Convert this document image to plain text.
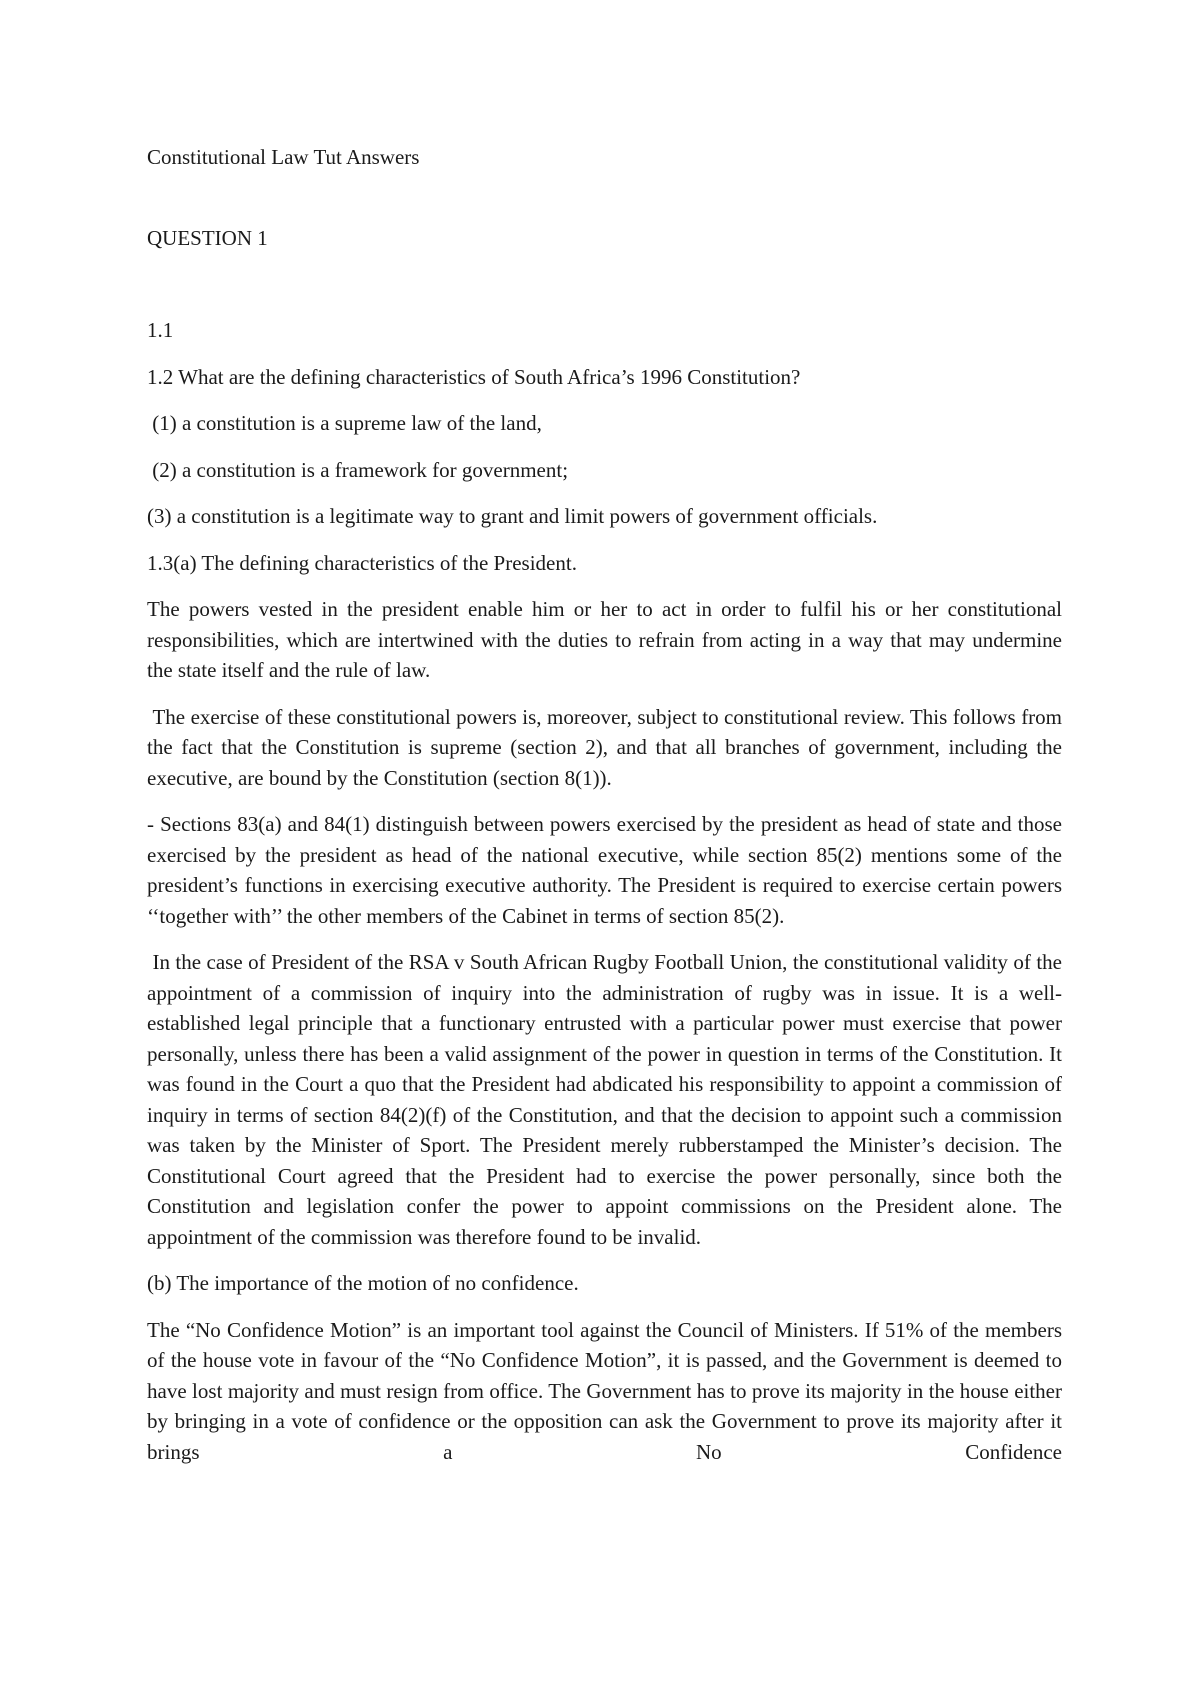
Constitutional Law Tut Answers
QUESTION 1

1.1

1.2 What are the defining characteristics of South Africa’s 1996 Constitution?

(1) a constitution is a supreme law of the land,

(2) a constitution is a framework for government;

(3) a constitution is a legitimate way to grant and limit powers of government officials.

1.3(a) The defining characteristics of the President.

The powers vested in the president enable him or her to act in order to fulfil his or her constitutional responsibilities, which are intertwined with the duties to refrain from acting in a way that may undermine the state itself and the rule of law.

The exercise of these constitutional powers is, moreover, subject to constitutional review. This follows from the fact that the Constitution is supreme (section 2), and that all branches of government, including the executive, are bound by the Constitution (section 8(1)).

- Sections 83(a) and 84(1) distinguish between powers exercised by the president as head of state and those exercised by the president as head of the national executive, while section 85(2) mentions some of the president’s functions in exercising executive authority. The President is required to exercise certain powers ‘‘together with’’ the other members of the Cabinet in terms of section 85(2).

In the case of President of the RSA v South African Rugby Football Union, the constitutional validity of the appointment of a commission of inquiry into the administration of rugby was in issue. It is a well-established legal principle that a functionary entrusted with a particular power must exercise that power personally, unless there has been a valid assignment of the power in question in terms of the Constitution. It was found in the Court a quo that the President had abdicated his responsibility to appoint a commission of inquiry in terms of section 84(2)(f) of the Constitution, and that the decision to appoint such a commission was taken by the Minister of Sport. The President merely rubberstamped the Minister’s decision. The Constitutional Court agreed that the President had to exercise the power personally, since both the Constitution and legislation confer the power to appoint commissions on the President alone. The appointment of the commission was therefore found to be invalid.

(b) The importance of the motion of no confidence.

The “No Confidence Motion” is an important tool against the Council of Ministers. If 51% of the members of the house vote in favour of the “No Confidence Motion”, it is passed, and the Government is deemed to have lost majority and must resign from office. The Government has to prove its majority in the house either by bringing in a vote of confidence or the opposition can ask the Government to prove its majority after it brings a No Confidence
